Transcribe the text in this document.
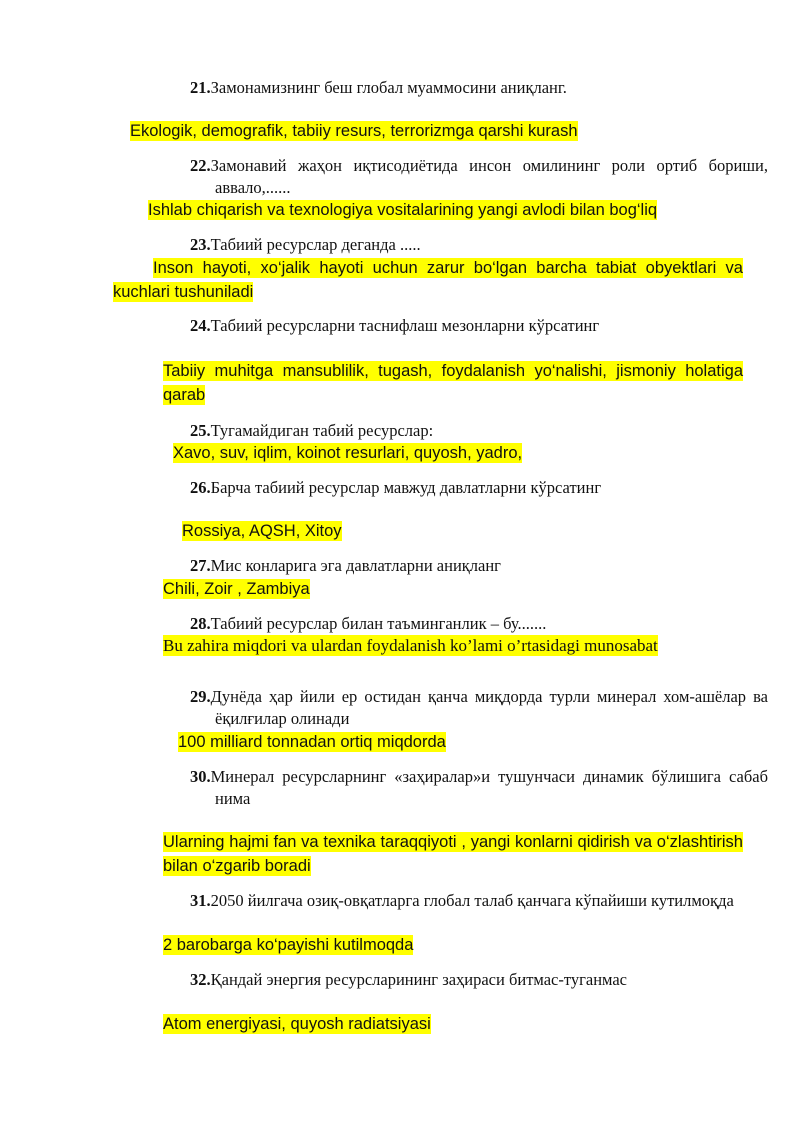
21.Замонамизнинг беш глобал муаммосини аниқланг.

Ekologik, demografik, tabiiy resurs, terrorizmga qarshi kurash

22.Замонавий жаҳон иқтисодиётида инсон омилининг роли ортиб бориши, аввало,......

Ishlab chiqarish va texnologiya vositalarining yangi avlodi bilan bog‘liq

23.Табиий ресурслар деганда .....

Inson hayoti, xo‘jalik hayoti uchun zarur bo‘lgan barcha tabiat obyektlari va kuchlari tushuniladi

24.Табиий ресурсларни таснифлаш мезонларни кўрсатинг

Tabiiy muhitga mansublilik, tugash, foydalanish yo‘nalishi, jismoniy holatiga qarab

25.Тугамайдиган табий ресурслар:

Xavo, suv, iqlim, koinot resurlari, quyosh, yadro,

26.Барча табиий ресурслар мавжуд давлатларни кўрсатинг

Rossiya, AQSH, Xitoy

27.Мис конларига эга давлатларни аниқланг

Chili, Zoir , Zambiya

28.Табиий ресурслар билан таъминганлик – бу.......

Bu zahira miqdori va ulardan foydalanish ko’lami o’rtasidagi munosabat

29.Дунёда ҳар йили ер остидан қанча миқдорда турли минерал хом-ашёлар ва ёқилғилар олинади

100 milliard tonnadan ortiq miqdorda

30.Минерал ресурсларнинг «заҳиралар»и тушунчаси динамик бўлишига сабаб нима

Ularning hajmi fan va texnika taraqqiyoti , yangi konlarni qidirish va o‘zlashtirish bilan o‘zgarib boradi

31.2050 йилгача озиқ-овқатларга глобал талаб қанчага кўпайиши кутилмоқда

2 barobarga ko‘payishi kutilmoqda

32.Қандай энергия ресурсларининг заҳираси битмас-туганмас

Atom energiyasi, quyosh radiatsiyasi
